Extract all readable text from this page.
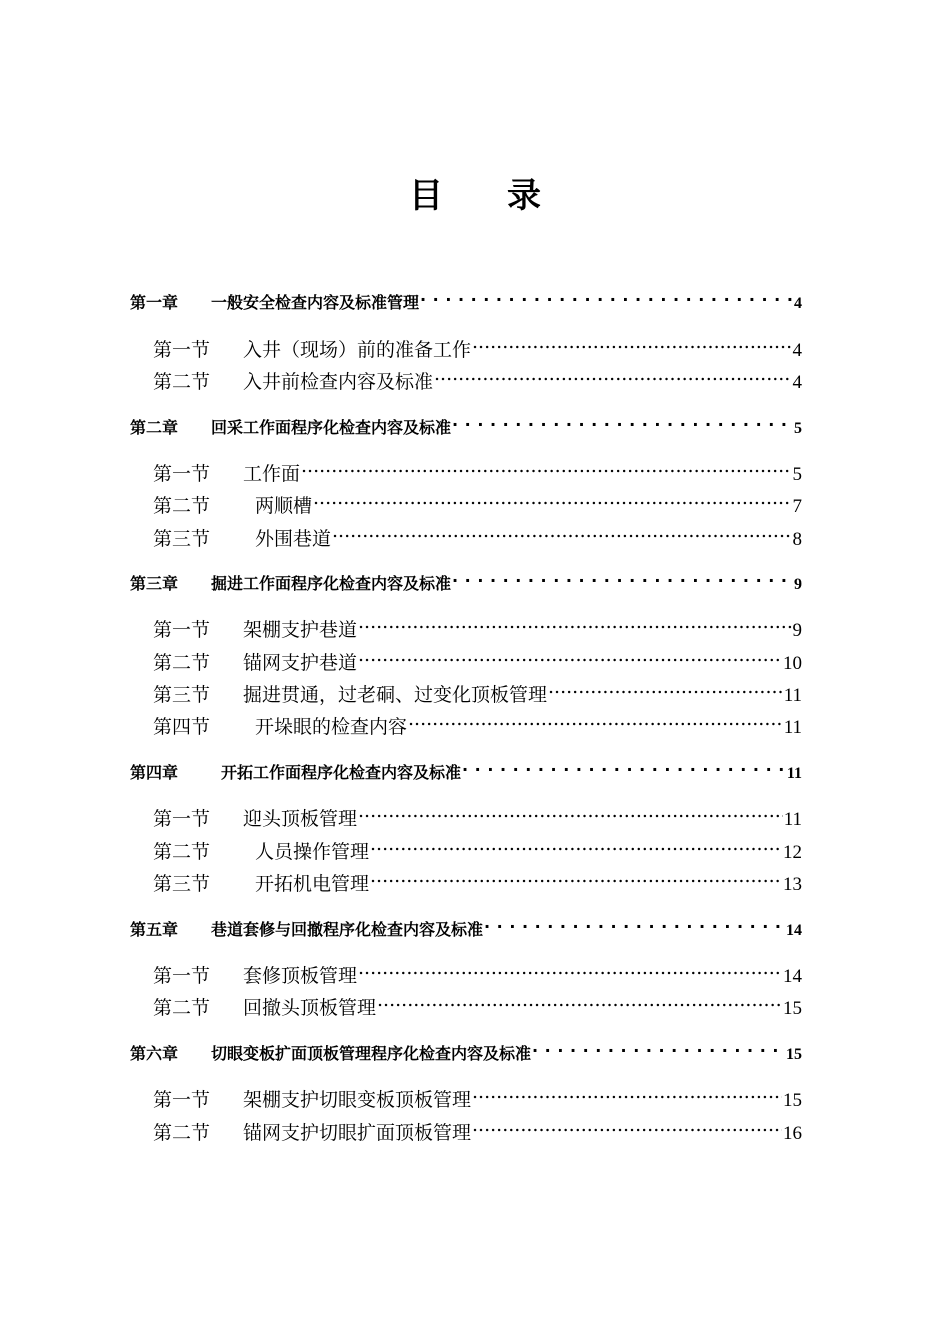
目 录
第一章	一般安全检查内容及标准管理 . . .	4
第一节	入井（现场）前的准备工作 .....	4
第二节	入井前检查内容及标准 .....	4
第二章	回采工作面程序化检查内容及标准 . . .	5
第一节	工作面 .....	5
第二节	两顺槽 .....	7
第三节	外围巷道 .....	8
第三章	掘进工作面程序化检查内容及标准 . . .	9
第一节	架棚支护巷道 .....	9
第二节	锚网支护巷道 .....	10
第三节	掘进贯通，过老硐、过变化顶板管理 .....	11
第四节	开垛眼的检查内容 .....	11
第四章	开拓工作面程序化检查内容及标准 . . .	11
第一节	迎头顶板管理 .....	11
第二节	人员操作管理 .....	12
第三节	开拓机电管理 .....	13
第五章	巷道套修与回撤程序化检查内容及标准 . . .	14
第一节	套修顶板管理 .....	14
第二节	回撤头顶板管理 .....	15
第六章	切眼变板扩面顶板管理程序化检查内容及标准 . . .	15
第一节	架棚支护切眼变板顶板管理 .....	15
第二节	锚网支护切眼扩面顶板管理 .....	16
